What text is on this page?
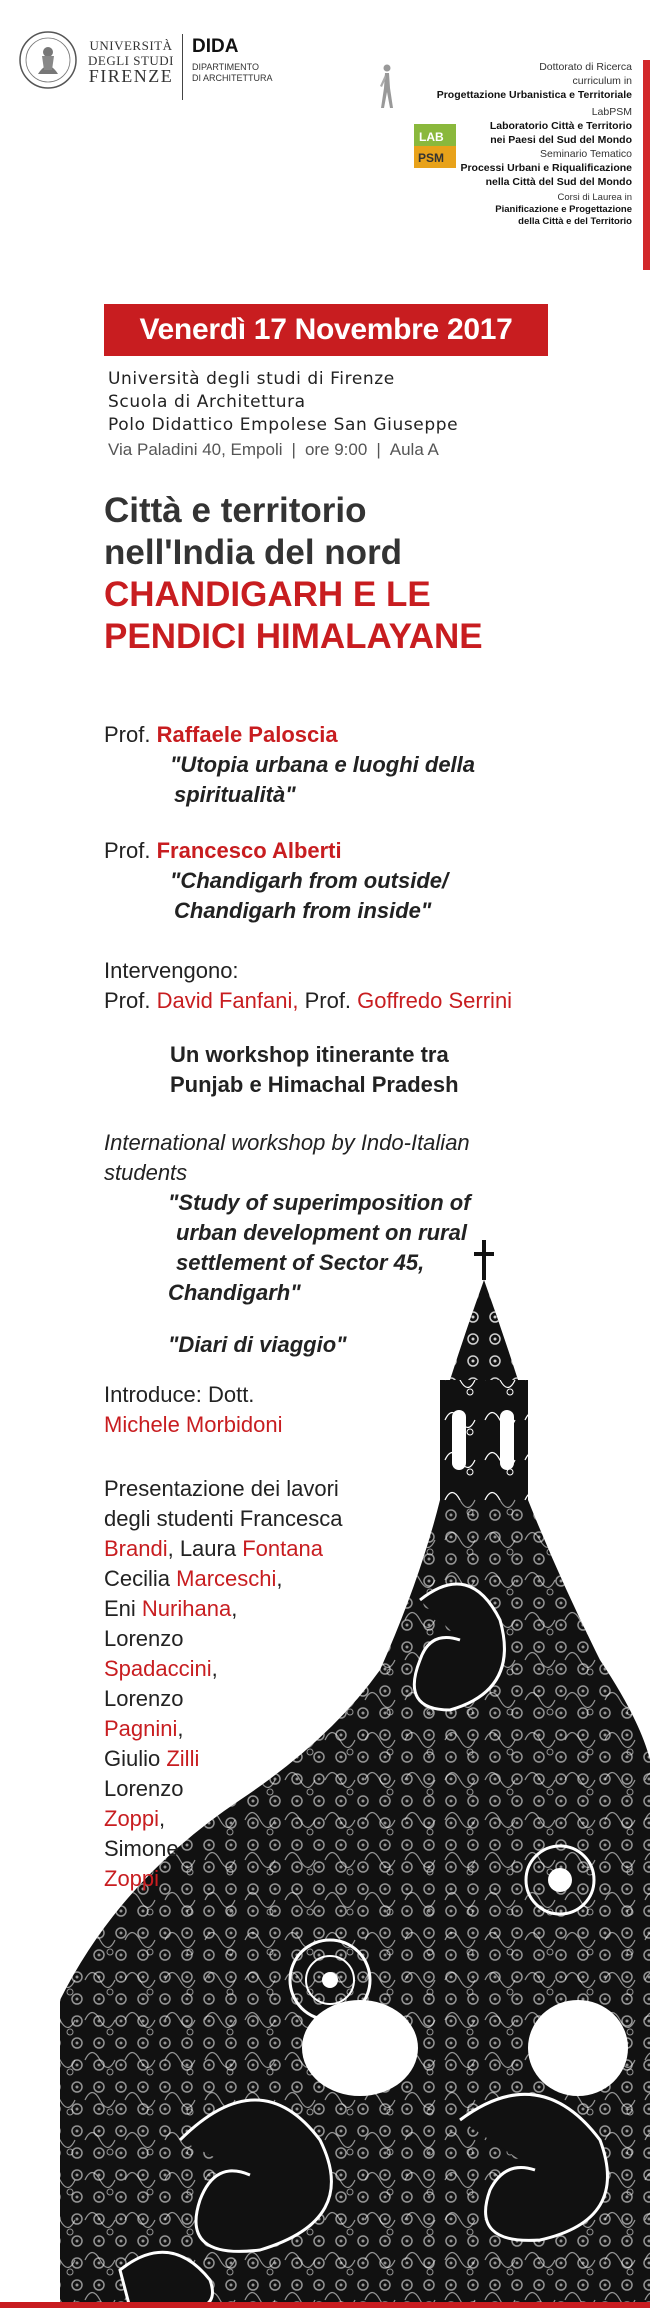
UNIVERSITÀ
DEGLI STUDI
FIRENZE
DIDA
DIPARTIMENTO
DI ARCHITETTURA
LAB
PSM
Dottorato di Ricerca
curriculum in
Progettazione Urbanistica e Territoriale
LabPSM
Laboratorio Città e Territorio
nei Paesi del Sud del Mondo
Seminario Tematico
Processi Urbani e Riqualificazione
nella Città del Sud del Mondo
Corsi di Laurea in
Pianificazione e Progettazione
della Città e del Territorio
Venerdì 17 Novembre 2017
Università degli studi di Firenze
Scuola di Architettura
Polo Didattico Empolese San Giuseppe
Via Paladini 40, Empoli | ore 9:00 | Aula A
Città e territorio
nell'India del nord
CHANDIGARH E LE
PENDICI HIMALAYANE
Prof. Raffaele Paloscia
"Utopia urbana e luoghi della
spiritualità"
Prof. Francesco Alberti
"Chandigarh from outside/
Chandigarh from inside"
Intervengono:
Prof. David Fanfani, Prof. Goffredo Serrini
Un workshop itinerante tra
Punjab e Himachal Pradesh
International workshop by Indo-Italian
students
"Study of superimposition of
urban development on rural
settlement of Sector 45,
Chandigarh"
"Diari di viaggio"
Introduce: Dott.
Michele Morbidoni
Presentazione dei lavori
degli studenti Francesca
Brandi, Laura Fontana
Cecilia Marceschi,
Eni Nurihana,
Lorenzo
Spadaccini,
Lorenzo
Pagnini,
Giulio Zilli
Lorenzo
Zoppi,
Simone
Zoppi
